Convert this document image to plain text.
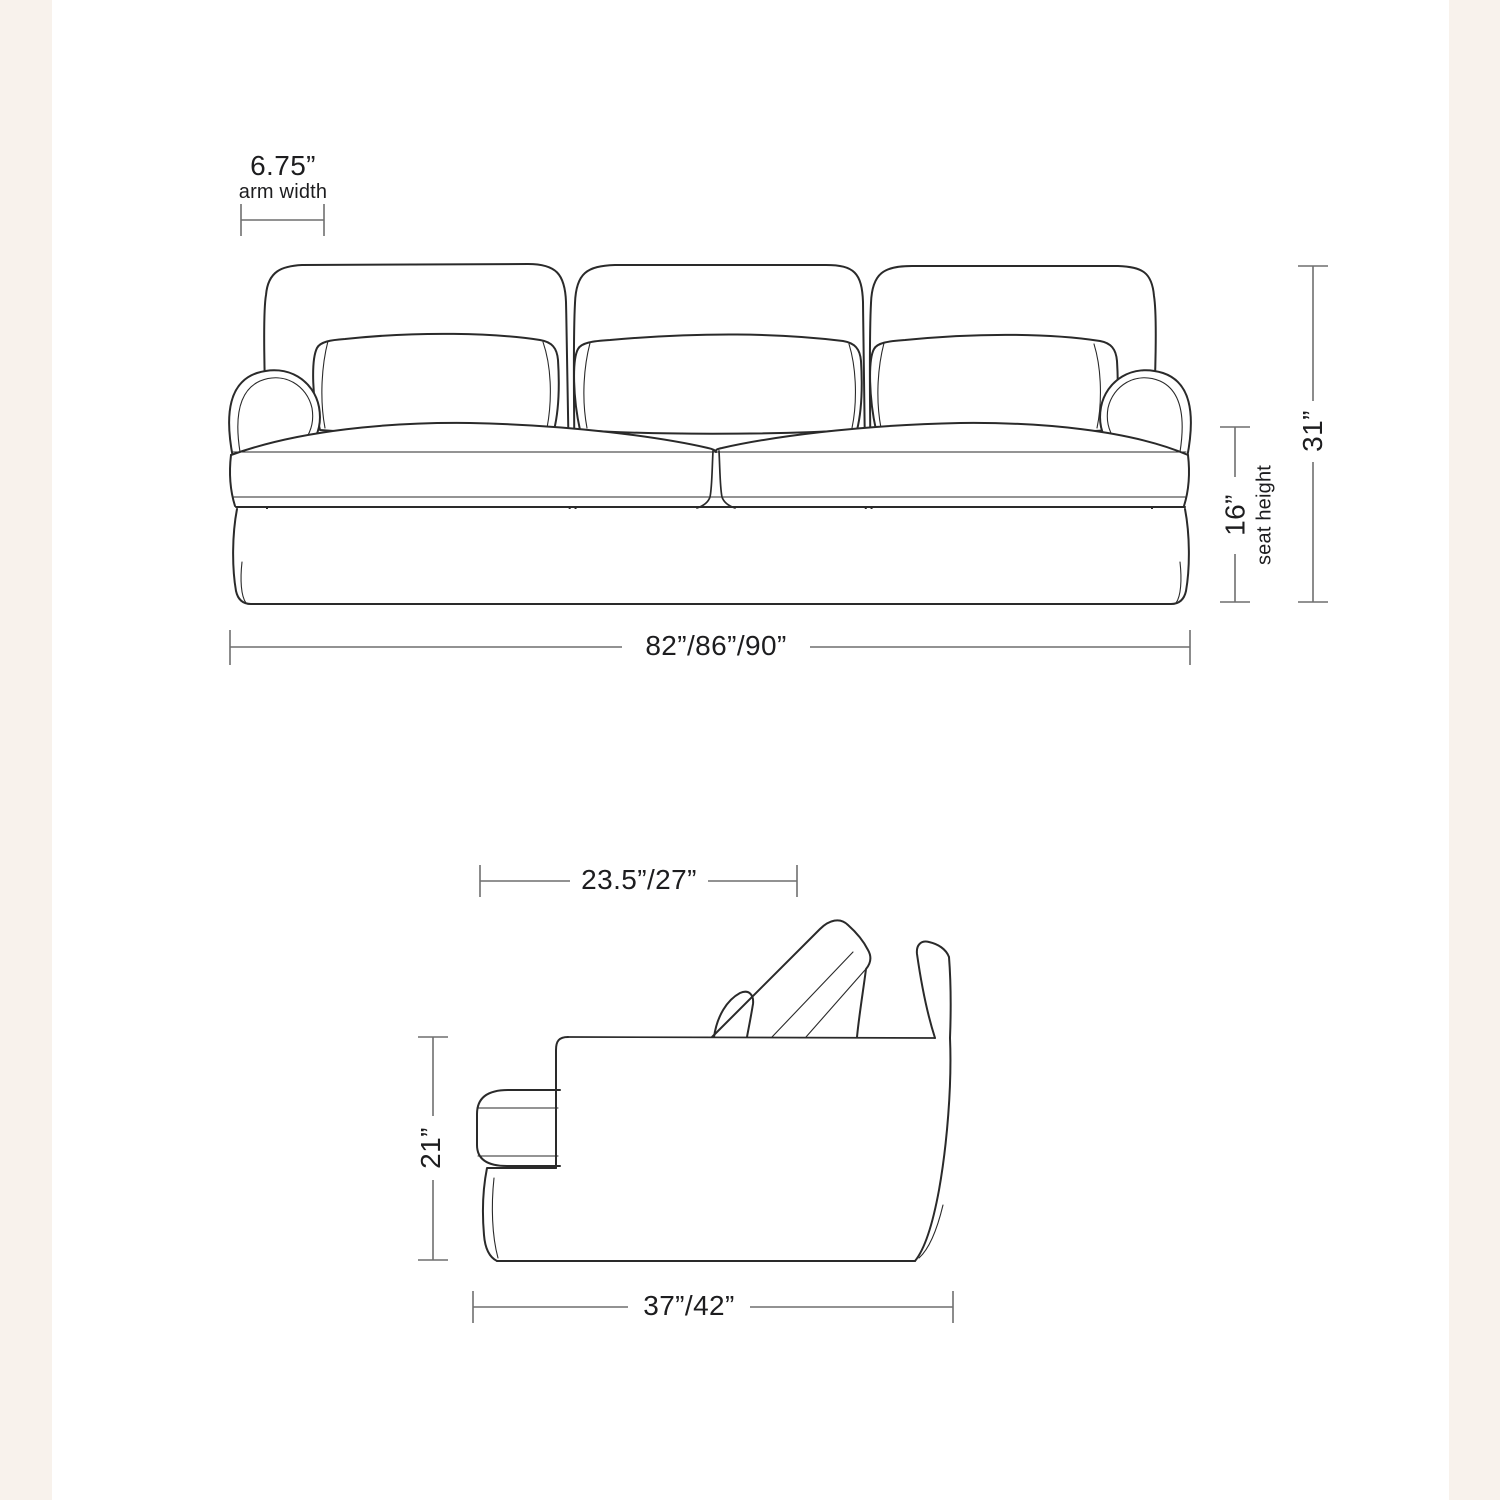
6.75”
arm width
82”/86”/90”
31”
16” seat height
23.5”/27”
21”
37”/42”
